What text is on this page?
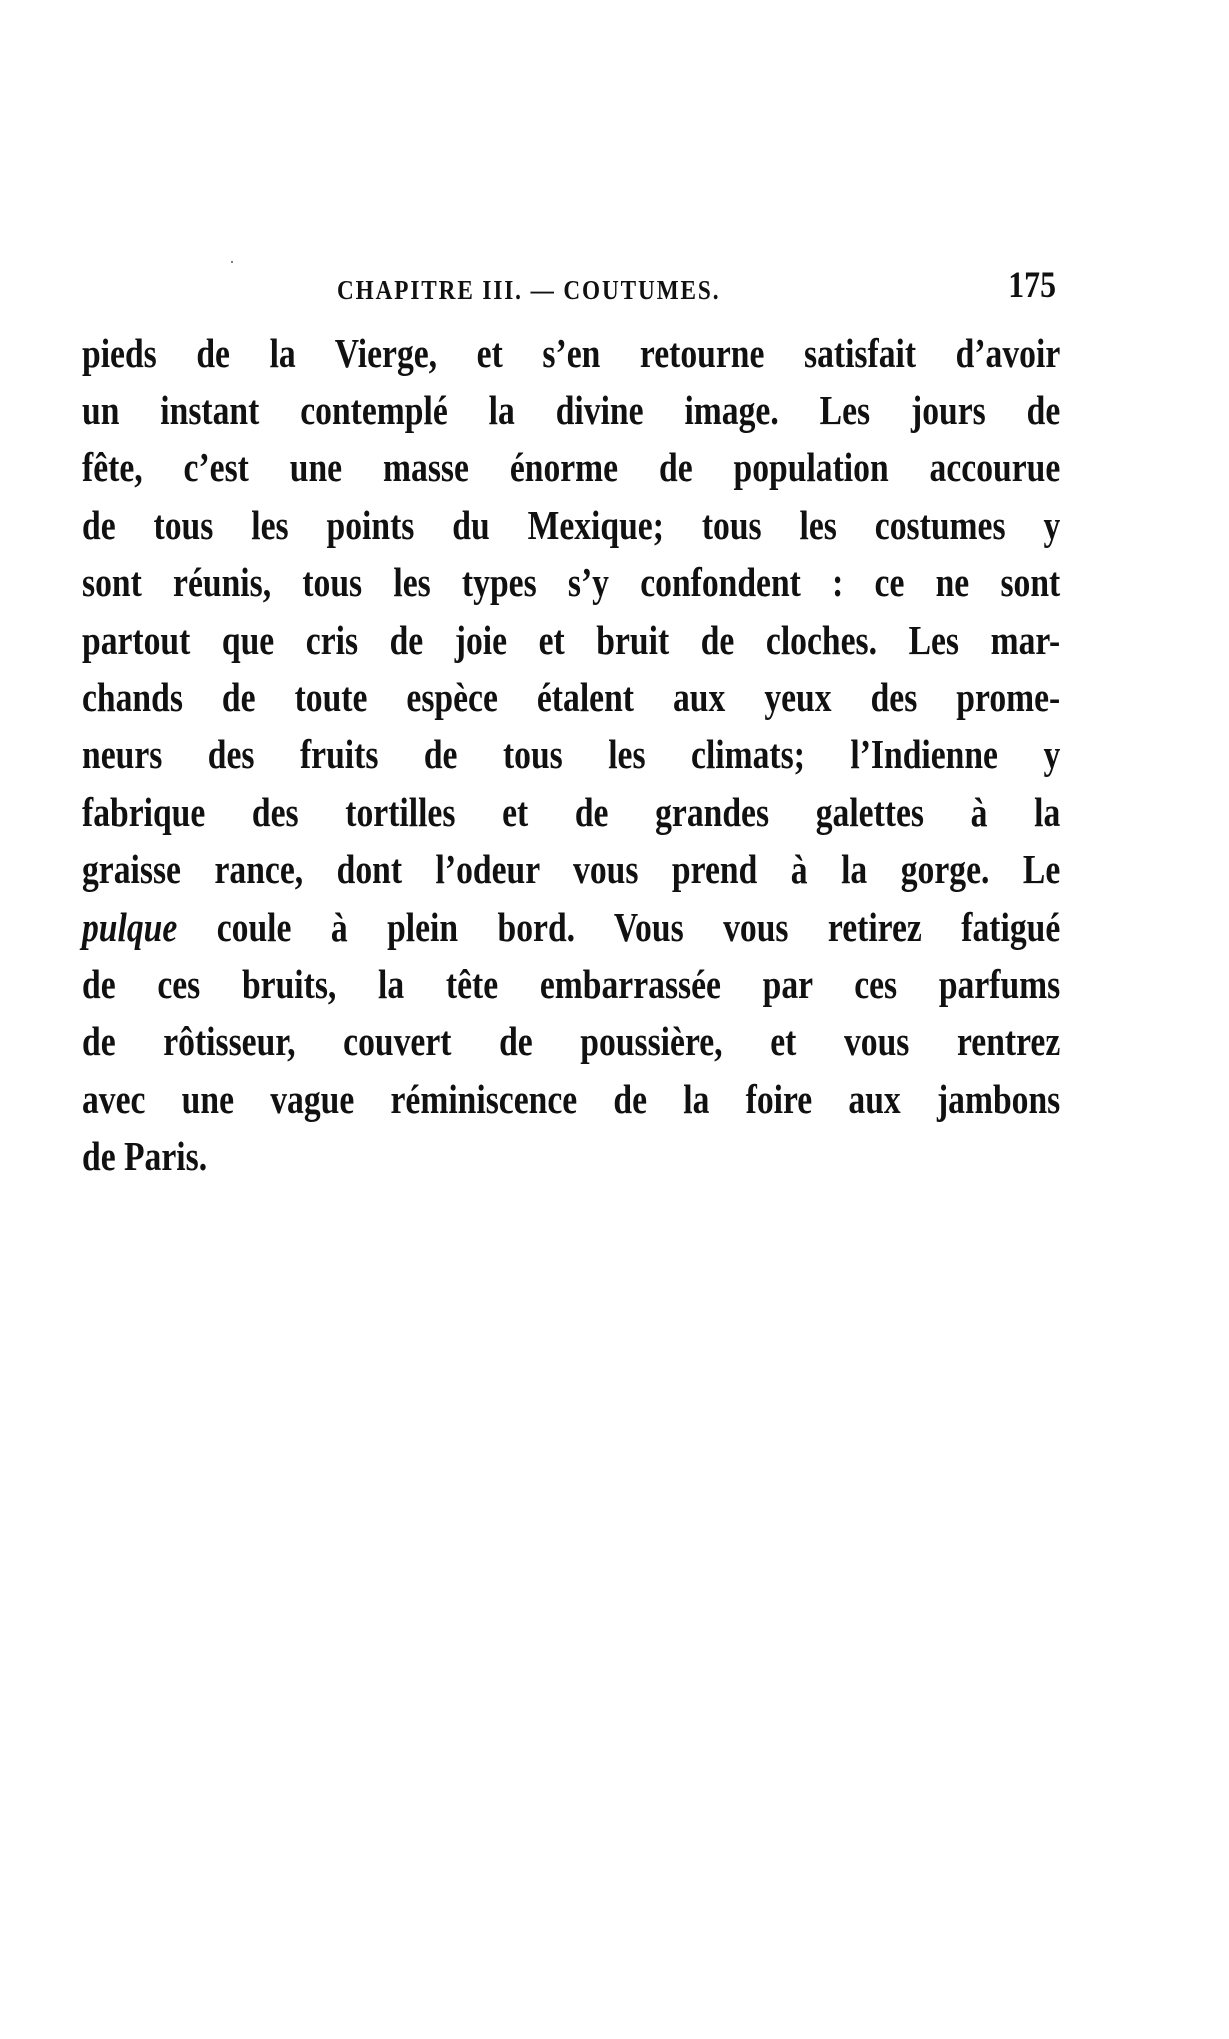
CHAPITRE III. — COUTUMES.	175
pieds de la Vierge, et s’en retourne satisfait d’avoir
un instant contemplé la divine image. Les jours de
fête, c’est une masse énorme de population accourue
de tous les points du Mexique; tous les costumes y
sont réunis, tous les types s’y confondent : ce ne sont
partout que cris de joie et bruit de cloches. Les mar-
chands de toute espèce étalent aux yeux des prome-
neurs des fruits de tous les climats; l’Indienne y
fabrique des tortilles et de grandes galettes à la
graisse rance, dont l’odeur vous prend à la gorge. Le
pulque coule à plein bord. Vous vous retirez fatigué
de ces bruits, la tête embarrassée par ces parfums
de rôtisseur, couvert de poussière, et vous rentrez
avec une vague réminiscence de la foire aux jambons
de Paris.
